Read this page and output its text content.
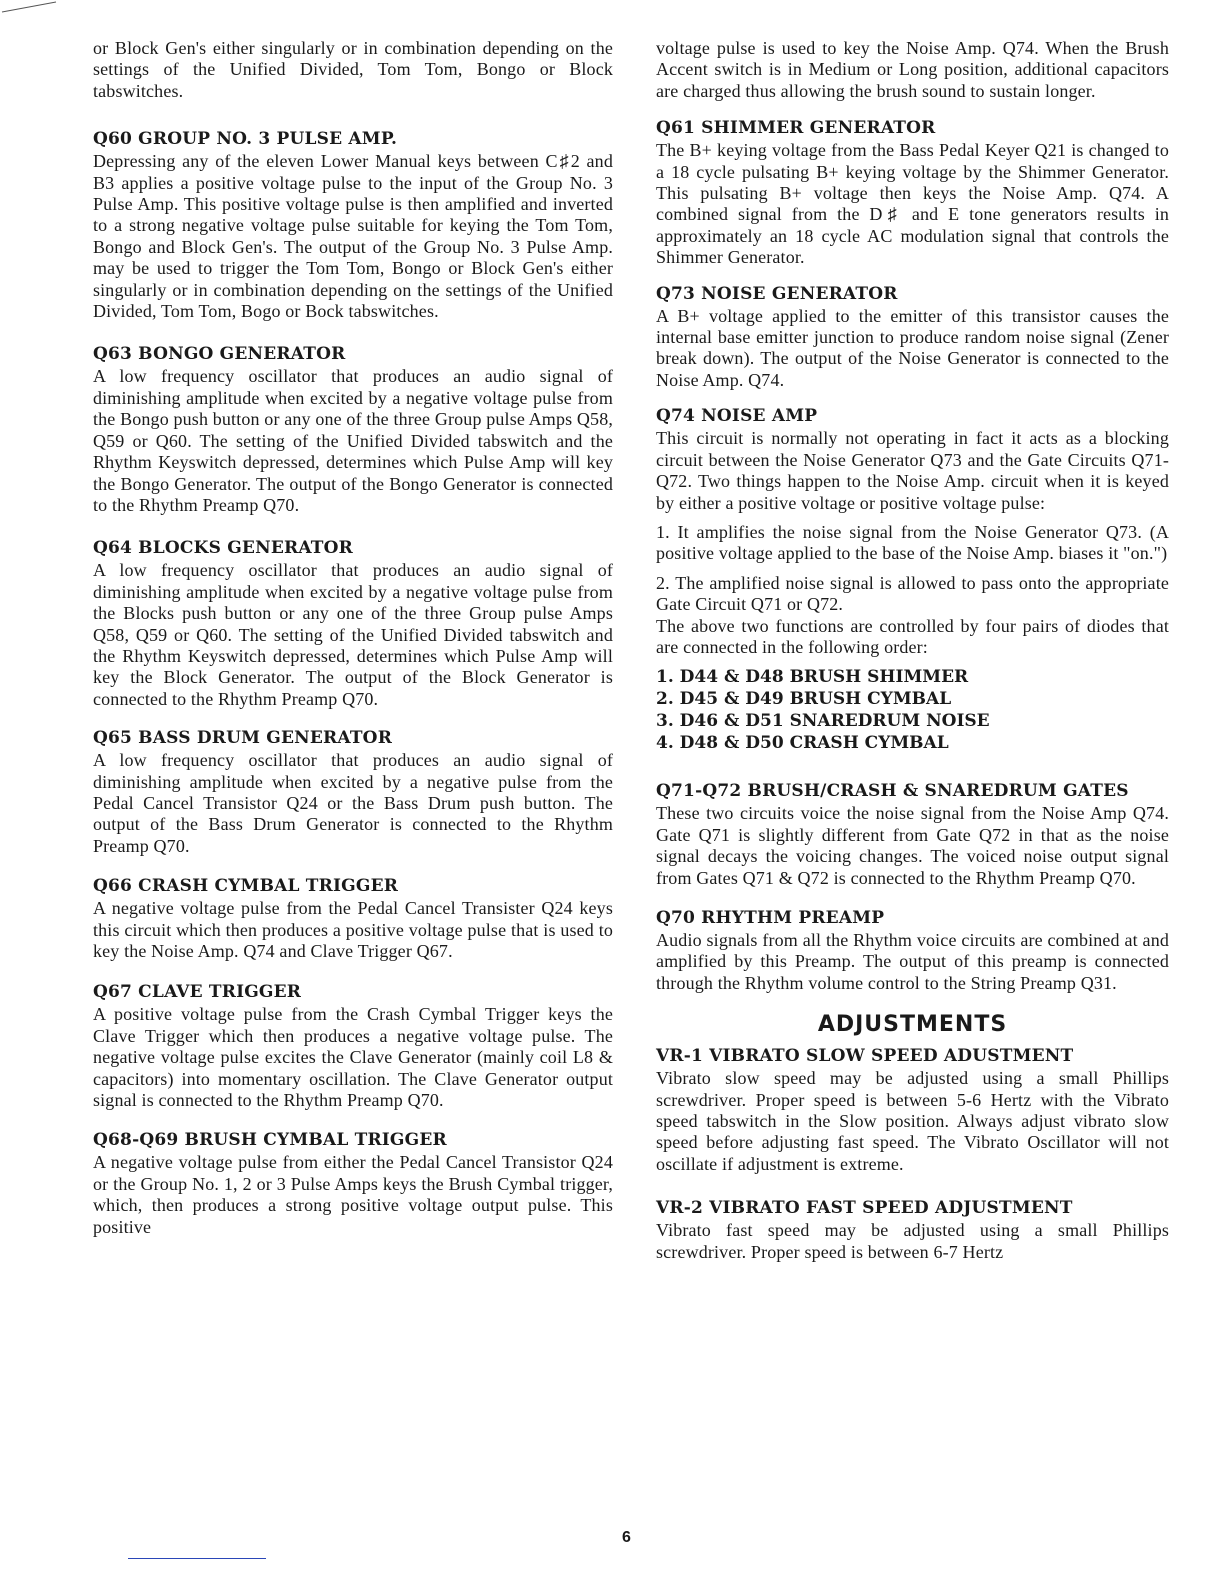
or Block Gen's either singularly or in combination depending on the settings of the Unified Divided, Tom Tom, Bongo or Block tabswitches.

Q60 GROUP NO. 3 PULSE AMP.

Depressing any of the eleven Lower Manual keys between C♯2 and B3 applies a positive voltage pulse to the input of the Group No. 3 Pulse Amp. This positive voltage pulse is then amplified and inverted to a strong negative voltage pulse suitable for keying the Tom Tom, Bongo and Block Gen's. The output of the Group No. 3 Pulse Amp. may be used to trigger the Tom Tom, Bongo or Block Gen's either singularly or in combination depending on the settings of the Unified Divided, Tom Tom, Bogo or Bock tabswitches.

Q63 BONGO GENERATOR

A low frequency oscillator that produces an audio signal of diminishing amplitude when excited by a negative voltage pulse from the Bongo push button or any one of the three Group pulse Amps Q58, Q59 or Q60. The setting of the Unified Divided tabswitch and the Rhythm Keyswitch depressed, determines which Pulse Amp will key the Bongo Generator. The output of the Bongo Generator is connected to the Rhythm Preamp Q70.

Q64 BLOCKS GENERATOR

A low frequency oscillator that produces an audio signal of diminishing amplitude when excited by a negative voltage pulse from the Blocks push button or any one of the three Group pulse Amps Q58, Q59 or Q60. The setting of the Unified Divided tabswitch and the Rhythm Keyswitch depressed, determines which Pulse Amp will key the Block Generator. The output of the Block Generator is connected to the Rhythm Preamp Q70.

Q65 BASS DRUM GENERATOR

A low frequency oscillator that produces an audio signal of diminishing amplitude when excited by a negative pulse from the Pedal Cancel Transistor Q24 or the Bass Drum push button. The output of the Bass Drum Generator is connected to the Rhythm Preamp Q70.

Q66 CRASH CYMBAL TRIGGER

A negative voltage pulse from the Pedal Cancel Transister Q24 keys this circuit which then produces a positive voltage pulse that is used to key the Noise Amp. Q74 and Clave Trigger Q67.

Q67 CLAVE TRIGGER

A positive voltage pulse from the Crash Cymbal Trigger keys the Clave Trigger which then produces a negative voltage pulse. The negative voltage pulse excites the Clave Generator (mainly coil L8 & capacitors) into momentary oscillation. The Clave Generator output signal is connected to the Rhythm Preamp Q70.

Q68-Q69 BRUSH CYMBAL TRIGGER

A negative voltage pulse from either the Pedal Cancel Transistor Q24 or the Group No. 1, 2 or 3 Pulse Amps keys the Brush Cymbal trigger, which, then produces a strong positive voltage output pulse. This positive

voltage pulse is used to key the Noise Amp. Q74. When the Brush Accent switch is in Medium or Long position, additional capacitors are charged thus allowing the brush sound to sustain longer.

Q61 SHIMMER GENERATOR

The B+ keying voltage from the Bass Pedal Keyer Q21 is changed to a 18 cycle pulsating B+ keying voltage by the Shimmer Generator. This pulsating B+ voltage then keys the Noise Amp. Q74. A combined signal from the D♯ and E tone generators results in approximately an 18 cycle AC modulation signal that controls the Shimmer Generator.

Q73 NOISE GENERATOR

A B+ voltage applied to the emitter of this transistor causes the internal base emitter junction to produce random noise signal (Zener break down). The output of the Noise Generator is connected to the Noise Amp. Q74.

Q74 NOISE AMP

This circuit is normally not operating in fact it acts as a blocking circuit between the Noise Generator Q73 and the Gate Circuits Q71-Q72. Two things happen to the Noise Amp. circuit when it is keyed by either a positive voltage or positive voltage pulse:

1. It amplifies the noise signal from the Noise Generator Q73. (A positive voltage applied to the base of the Noise Amp. biases it "on.")

2. The amplified noise signal is allowed to pass onto the appropriate Gate Circuit Q71 or Q72.

The above two functions are controlled by four pairs of diodes that are connected in the following order:

1. D44 & D48 BRUSH SHIMMER
2. D45 & D49 BRUSH CYMBAL
3. D46 & D51 SNAREDRUM NOISE
4. D48 & D50 CRASH CYMBAL
Q71-Q72 BRUSH/CRASH & SNAREDRUM GATES

These two circuits voice the noise signal from the Noise Amp Q74. Gate Q71 is slightly different from Gate Q72 in that as the noise signal decays the voicing changes. The voiced noise output signal from Gates Q71 & Q72 is connected to the Rhythm Preamp Q70.

Q70 RHYTHM PREAMP

Audio signals from all the Rhythm voice circuits are combined at and amplified by this Preamp. The output of this preamp is connected through the Rhythm volume control to the String Preamp Q31.

ADJUSTMENTS
VR-1 VIBRATO SLOW SPEED ADUSTMENT

Vibrato slow speed may be adjusted using a small Phillips screwdriver. Proper speed is between 5-6 Hertz with the Vibrato speed tabswitch in the Slow position. Always adjust vibrato slow speed before adjusting fast speed. The Vibrato Oscillator will not oscillate if adjustment is extreme.

VR-2 VIBRATO FAST SPEED ADJUSTMENT

Vibrato fast speed may be adjusted using a small Phillips screwdriver. Proper speed is between 6-7 Hertz

6
